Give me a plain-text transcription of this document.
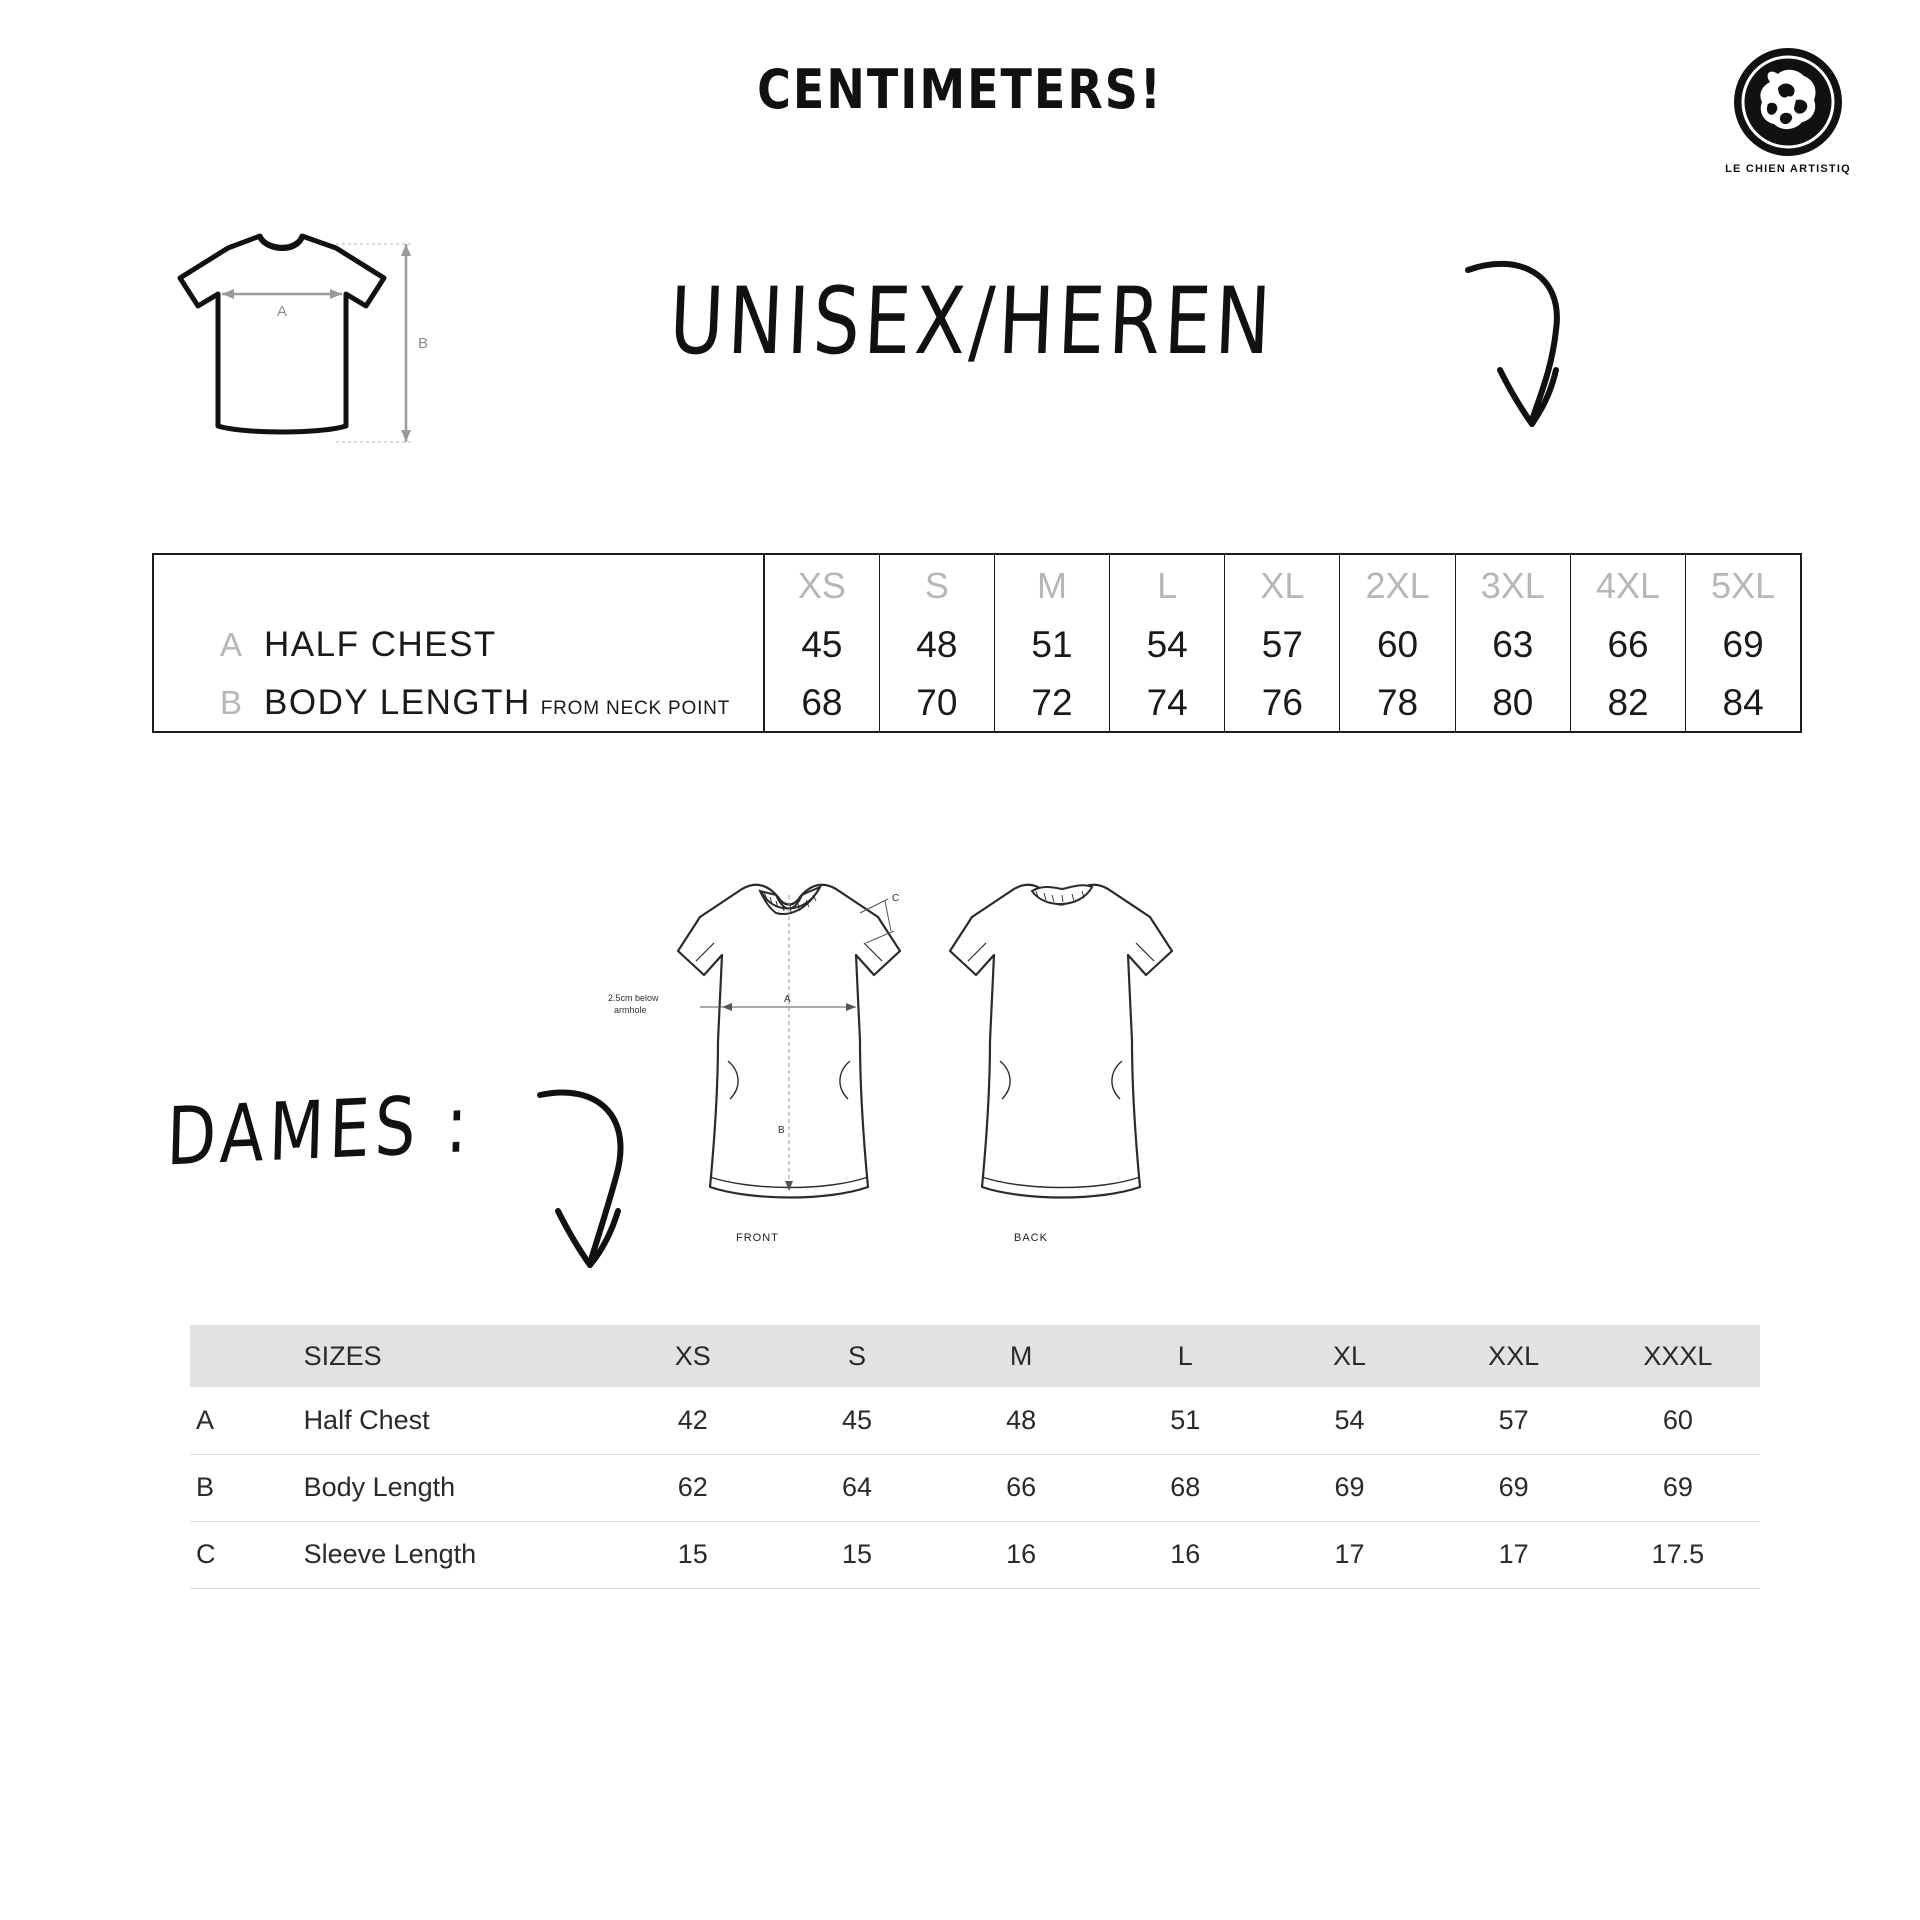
CENTIMETERS!
LE CHIEN ARTISTIQ
A
B	UNISEX/HEREN
	XS	S	M	L	XL	2XL	3XL	4XL	5XL
A HALF CHEST	45	48	51	54	57	60	63	66	69
B BODY LENGTH FROM NECK POINT	68	70	72	74	76	78	80	82	84
A
B
C
2.5cm below
armhole
FRONT	BACK
DAMES :
	SIZES	XS	S	M	L	XL	XXL	XXXL
A	Half Chest	42	45	48	51	54	57	60
B	Body Length	62	64	66	68	69	69	69
C	Sleeve Length	15	15	16	16	17	17	17.5
